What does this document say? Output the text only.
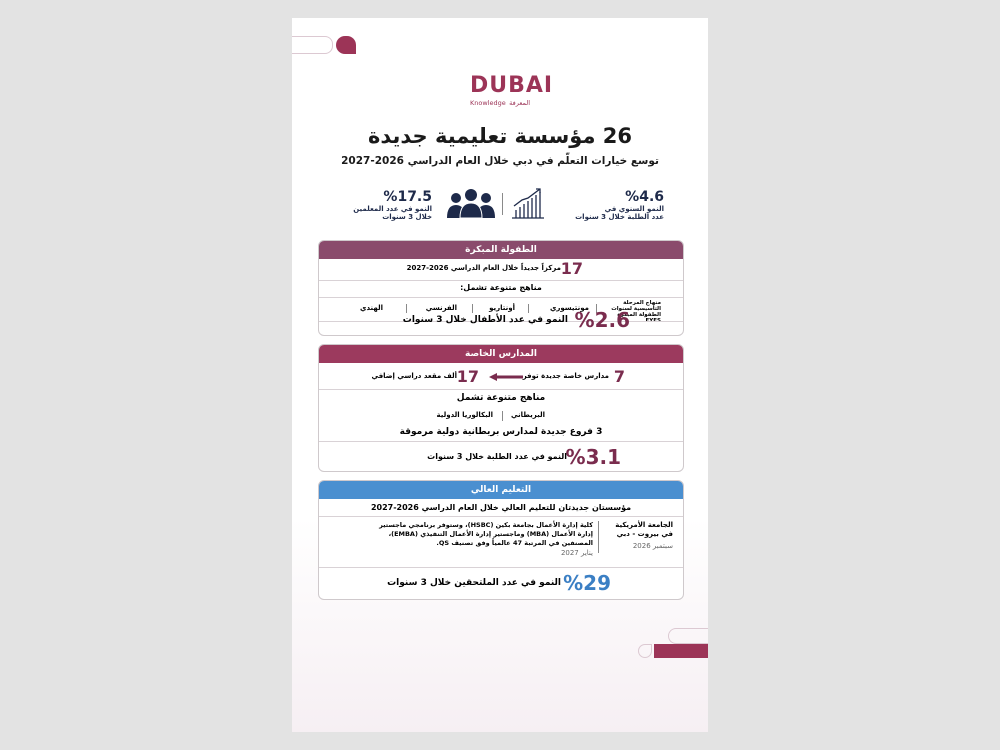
DUBAI
Knowledge المعرفة
26 مؤسسة تعليمية جديدة
توسع خيارات التعلّم في دبي خلال العام الدراسي 2026-2027
%4.6
النمو السنوي في
عدد الطلبة خلال 3 سنوات
%17.5
النمو في عدد المعلمين
خلال 3 سنوات
الطفولة المبكرة
17
مركزاً جديداً خلال العام الدراسي 2026-2027
مناهج متنوعة تشمل:
منهاج المرحلة التأسيسية لسنوات الطفولة المبكرة
مونتيسوري
أونتاريو
الفرنسي
الهندي	%2.6
النمو في عدد الأطفال خلال 3 سنوات
المدارس الخاصة
7
مدارس خاصة جديدة توفر
17
ألف مقعد دراسي إضافي
مناهج متنوعة تشمل
البريطاني
البكالوريا الدولية
3 فروع جديدة لمدارس بريطانية دولية مرموقة
%3.1
النمو في عدد الطلبة خلال 3 سنوات
التعليم العالي
مؤسستان جديدتان للتعليم العالي خلال العام الدراسي 2026-2027
الجامعة الأمريكية في بيروت - دبي
سبتمبر 2026
كلية إدارة الأعمال بجامعة بكين (HSBC)، وستوفر برنامجي ماجستير إدارة الأعمال (MBA) وماجستير إدارة الأعمال التنفيذي (EMBA)، المصنفين في المرتبة 47 عالمياً وفق تصنيف QS.
يناير 2027
%29
النمو في عدد الملتحقين خلال 3 سنوات
